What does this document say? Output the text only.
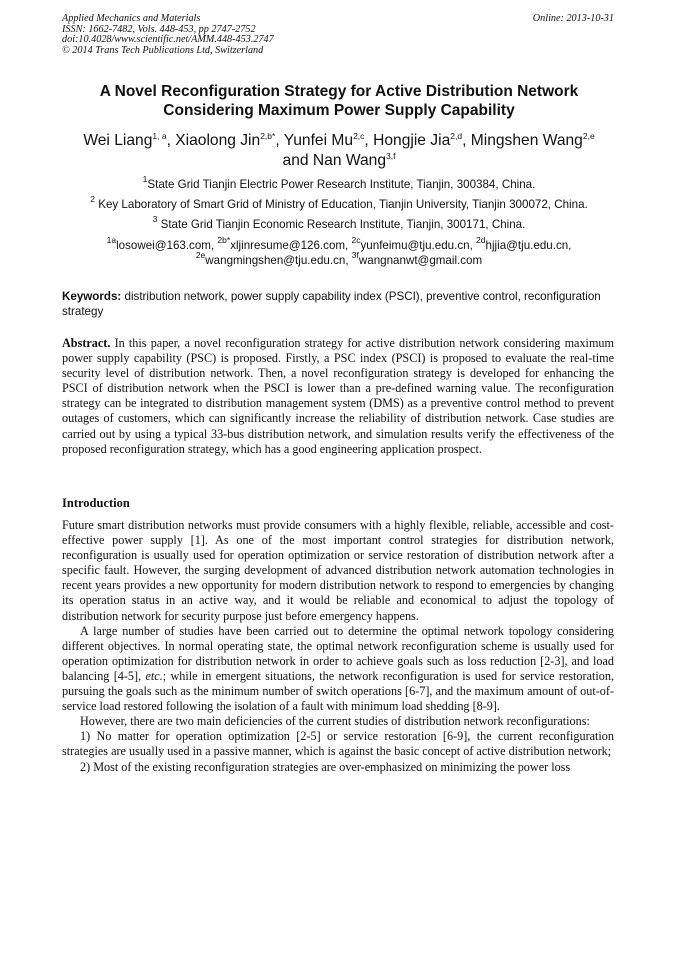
Applied Mechanics and Materials
ISSN: 1662-7482, Vols. 448-453, pp 2747-2752
doi:10.4028/www.scientific.net/AMM.448-453.2747
© 2014 Trans Tech Publications Ltd, Switzerland
Online: 2013-10-31
A Novel Reconfiguration Strategy for Active Distribution Network
Considering Maximum Power Supply Capability
Wei Liang$^{1, a}$, Xiaolong Jin$^{2,b*}$, Yunfei Mu$^{2,c}$, Hongjie Jia$^{2,d}$, Mingshen Wang$^{2,e}$
and Nan Wang$^{3,f}$
$^1$State Grid Tianjin Electric Power Research Institute, Tianjin, 300384, China.
$^2$ Key Laboratory of Smart Grid of Ministry of Education, Tianjin University, Tianjin 300072, China.
$^3$ State Grid Tianjin Economic Research Institute, Tianjin, 300171, China.
$^{1a}$losowei@163.com, $^{2b*}$xljinresume@126.com, $^{2c}$yunfeimu@tju.edu.cn, $^{2d}$hjjia@tju.edu.cn,
$^{2e}$wangmingshen@tju.edu.cn, $^{3f}$wangnanwt@gmail.com
Keywords: distribution network, power supply capability index (PSCI), preventive control, reconfiguration strategy
Abstract. In this paper, a novel reconfiguration strategy for active distribution network considering maximum power supply capability (PSC) is proposed. Firstly, a PSC index (PSCI) is proposed to evaluate the real-time security level of distribution network. Then, a novel reconfiguration strategy is developed for enhancing the PSCI of distribution network when the PSCI is lower than a pre-defined warning value. The reconfiguration strategy can be integrated to distribution management system (DMS) as a preventive control method to prevent outages of customers, which can significantly increase the reliability of distribution network. Case studies are carried out by using a typical 33-bus distribution network, and simulation results verify the effectiveness of the proposed reconfiguration strategy, which has a good engineering application prospect.
Introduction

Future smart distribution networks must provide consumers with a highly flexible, reliable, accessible and cost-effective power supply [1]. As one of the most important control strategies for distribution network, reconfiguration is usually used for operation optimization or service restoration of distribution network after a specific fault. However, the surging development of advanced distribution network automation technologies in recent years provides a new opportunity for modern distribution network to respond to emergencies by changing its operation status in an active way, and it would be reliable and economical to adjust the topology of distribution network for security purpose just before emergency happens.

A large number of studies have been carried out to determine the optimal network topology considering different objectives. In normal operating state, the optimal network reconfiguration scheme is usually used for operation optimization for distribution network in order to achieve goals such as loss reduction [2-3], and load balancing [4-5], etc.; while in emergent situations, the network reconfiguration is used for service restoration, pursuing the goals such as the minimum number of switch operations [6-7], and the maximum amount of out-of-service load restored following the isolation of a fault with minimum load shedding [8-9].

However, there are two main deficiencies of the current studies of distribution network reconfigurations:

1) No matter for operation optimization [2-5] or service restoration [6-9], the current reconfiguration strategies are usually used in a passive manner, which is against the basic concept of active distribution network;

2) Most of the existing reconfiguration strategies are over-emphasized on minimizing the power loss
